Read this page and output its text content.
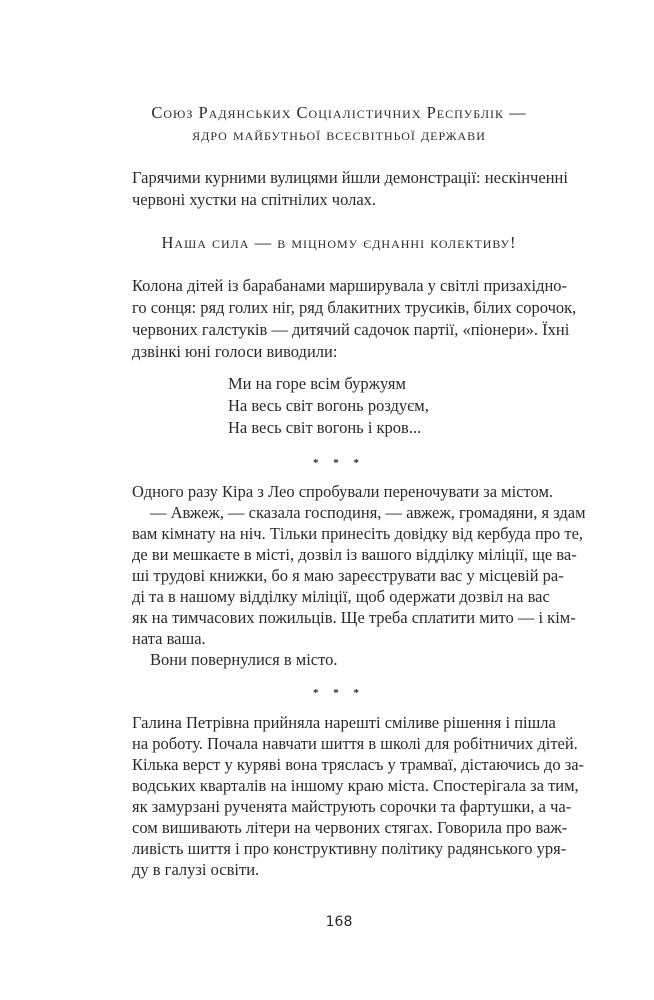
Союз Радянських Соціалістичних Республік —
ядро майбутньої всесвітньої держави
Гарячими курними вулицями йшли демонстрації: нескінченні
червоні хустки на спітнілих чолах.
Наша сила — в міцному єднанні колективу!
Колона дітей із барабанами марширувала у світлі призахідно-
го сонця: ряд голих ніг, ряд блакитних трусиків, білих сорочок,
червоних галстуків — дитячий садочок партії, «піонери». Їхні
дзвінкі юні голоси виводили:
Ми на горе всім буржуям
На весь світ вогонь роздуєм,
На весь світ вогонь і кров...
* * *
Одного разу Кіра з Лео спробували переночувати за містом.
— Авжеж, — сказала господиня, — авжеж, громадяни, я здам
вам кімнату на ніч. Тільки принесіть довідку від кербуда про те,
де ви мешкаєте в місті, дозвіл із вашого відділку міліції, ще ва-
ші трудові книжки, бо я маю зареєструвати вас у місцевій ра-
ді та в нашому відділку міліції, щоб одержати дозвіл на вас
як на тимчасових пожильців. Ще треба сплатити мито — і кім-
ната ваша.
Вони повернулися в місто.
* * *
Галина Петрівна прийняла нарешті сміливе рішення і пішла
на роботу. Почала навчати шиття в школі для робітничих дітей.
Кілька верст у куряві вона трясласъ у трамваї, дістаючись до за-
водських кварталів на іншому краю міста. Спостерігала за тим,
як замурзані рученята майструють сорочки та фартушки, а ча-
сом вишивають літери на червоних стягах. Говорила про важ-
ливість шиття і про конструктивну політику радянського уря-
ду в галузі освіти.
168
